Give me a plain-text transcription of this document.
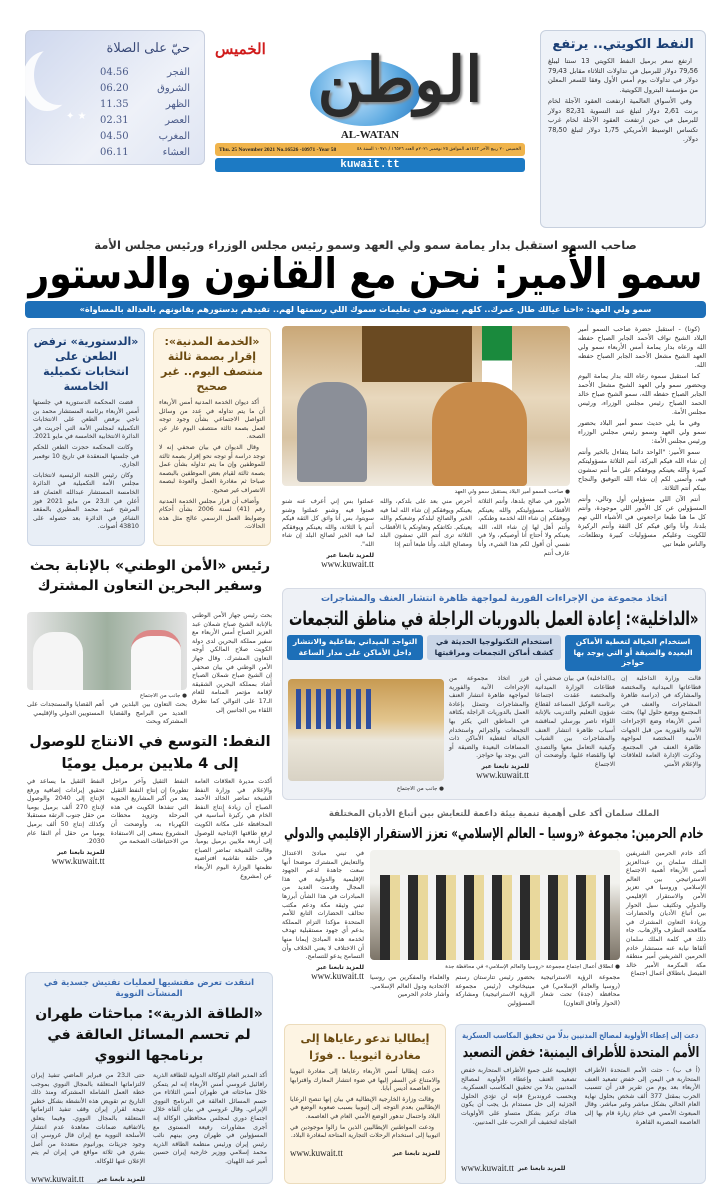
★ ✦
حيّ على الصلاة
الفجر
04.56
الشروق
06.20
الظهر
11.35
العصر
02.31
المغرب
04.50
العشاء
06.11
الوطن
الخميس
AL-WATAN
الخميس ٢٠ ربيع الآخر ١٤٤٣هـ الموافق ٢٥ نوفمبر ٢٠٢١م العدد ١٦٥٢٦ / ١٠٩٧١ السنة ٥٨
Thu. 25 November 2021 No.16526 -10971 -Year 58
kuwait.tt
النفط الكويتي.. يرتفع

ارتفع سعر برميل النفط الكويتي 13 سنتا ليبلغ 79٫56 دولار للبرميل في تداولات الثلاثاء مقابل 79٫43 دولار في تداولات يوم أمس الأول وفقا للسعر المعلن من مؤسسة البترول الكويتية.

وفي الأسواق العالمية ارتفعت العقود الآجلة لخام برنت 2٫61 دولار لتبلغ عند التسوية 82٫31 دولار للبرميل في حين ارتفعت العقود الآجلة لخام غرب تكساس الوسيط الأمريكي 1٫75 دولار لتبلغ 78٫50 دولار.

صاحب السمو استقبل بدار يمامة سمو ولي العهد وسمو رئيس مجلس الوزراء ورئيس مجلس الأمة
سمو الأمير: نحن مع القانون والدستور
سمو ولي العهد: «احنا عيالك طال عمرك.. كلهم يمشون في تعليمات سموك اللي رسمتها لهم.. تقيدهم بدستورهم بقانونهم بالعدالة بالمساواة»

(كونا) - استقبل حضرة صاحب السمو أمير البلاد الشيخ نواف الأحمد الجابر الصباح حفظه الله ورعاه بدار يمامة أمس الأربعاء سمو ولي العهد الشيخ مشعل الأحمد الجابر الصباح حفظه الله.

كما استقبل سموه رعاه الله بدار يمامة اليوم وبحضور سمو ولي العهد الشيخ مشعل الأحمد الجابر الصباح حفظه الله، سمو الشيخ صباح خالد الحمد الصباح رئيس مجلس الوزراء، ورئيس مجلس الأمة.

وفي ما يلي حديث سمو أمير البلاد بحضور سمو ولي العهد وسمو رئيس مجلس الوزراء ورئيس مجلس الأمة:

سمو الأمير: "الواحد دائما يتفاءل بالخير وأنتم إن شاء الله فيكم البركة، أنتم الثلاثة مسؤوليتكم كبيرة والله يعينكم ويوفقكم على ما أنتم تمشون فيه، وأتمنى لكم إن شاء الله التوفيق والنجاح بينكم أنتم الثلاثة.

أنتم الآن اللي مسؤولين أول وتالي، وأنتم المسؤولين عن كل الأمور اللي موجودة، وأنتم كل ما هنا طبعا تراجعوني في الأشياء اللي تهم بلدنا، وأنا واثق فيكم كل الثقة وأنتم الركيزة للكويت وعليكم مسؤوليات كبيرة وتطلعات، والناس طبعا تبي

● صاحب السمو أمير البلاد يستقبل سمو ولي العهد
الأمور في صالح بلدها، وأنتم الثلاثة الأقطاب مسؤوليتكم والله يعينكم ويوفقكم إن شاء الله لخدمة وطنكم، وأنتم أهل لها إن شاء الله، الله يعينكم ولا أحتاج أنا أوصيكم، ولا في نفسي أن أقول لكم هذا الشيء، وأنا عارف أنتم
أحرص مني بعد على بلدكم، والله يعينكم ويوفقكم إن شاء الله لما فيه الخير والصالح لبلدكم وشعبكم والله يعينكم. تكاتفكم وتعاونكم يا الأقطاب الثلاثة ترى أنتم اللي تمشون البلد ومصالح البلد، وأنا طبعا أنتم إذا
عملتوا بس إني أعرف عنه شنو قمتوا فيه وشنو عملتوا وشنو سويتوا، بس أنا واثق كل الثقة فيكم أنتم يا الثلاثة، والله يعينكم ويوفقكم لما فيه الخير لصالح البلد إن شاء الله".
للمزيد تابعنا عبر
www.kuwait.tt
«الخدمة المدنية»: إقرار بصمة ثالثة منتصف اليوم.. غير صحيح

أكد ديوان الخدمة المدنية أمس الأربعاء أن ما يتم تداوله في عدد من وسائل التواصل الاجتماعي بشأن وجود توجه لعمل بصمة ثالثة منتصف اليوم عار عن الصحة.

وقال الديوان في بيان صحفي إنه لا توجد دراسة أو توجه نحو إقرار بصمة ثالثة للموظفين وإن ما يتم تداوله بشأن عمل بصمة ثالثة لقيام بعض الموظفين بالبصمة صباحا ثم مغادرة العمل والعودة لبصمة الانصراف غير صحيح.

وأضاف أن قرار مجلس الخدمة المدنية رقم (41) لسنة 2006 بشأن أحكام وضوابط العمل الرسمي عالج مثل هذه الحالات.

«الدستورية» ترفض الطعن على انتخابات تكميلية الخامسة

قضت المحكمة الدستورية في جلستها أمس الأربعاء برئاسة المستشار محمد بن ناجي برفض الطعن على الانتخابات التكميلية لمجلس الأمة التي أجريت في الدائرة الانتخابية الخامسة في مايو 2021.

وكانت المحكمة حجزت الطعن للحكم في جلستها المنعقدة في تاريخ 10 نوفمبر الجاري.

وكان رئيس اللجنة الرئيسية لانتخابات مجلس الأمة التكميلية في الدائرة الخامسة المستشار عبدالله العثمان قد أعلن في الـ23 من مايو 2021 فوز المرشح عبيد محمد المطيري بالمقعد الشاغر في الدائرة بعد حصوله على 43810 أصوات.

رئيس «الأمن الوطني» بالإنابة بحث وسفير البحرين التعاون المشترك
● جانب من الاجتماع
بحث رئيس جهاز الأمن الوطني بالإنابة الشيخ صباح شملان عبد العزيز الصباح أمس الأربعاء مع سفير مملكة البحرين لدى دولة الكويت صلاح المالكي أوجه التعاون المشترك. وقال جهاز الأمن الوطني في بيان صحفي إن الشيخ صباح شملان الصباح أشاد بمملكة البحرين الشقيقة لإقامة مؤتمر المنامة للعام الـ17 على التوالي كما تطرق اللقاء بين الجانبين إلى
بحث التعاون بين البلدين في العديد من البرامج والقضايا المشتركة وبحث
أهم القضايا والمستجدات على المستويين الدولي والإقليمي
النفط: التوسع في الانتاج للوصول إلى 4 ملايين برميل يوميًا
أكدت مديرة العلاقات العامة والإعلام في وزارة النفط الشيخة تماضر الخالد الأحمد الصباح أن زيادة إنتاج النفط الخام هي ركيزة أساسية في المحافظة على مكانة الكويت لرفع طاقتها الإنتاجية للوصول إلى أربعة ملايين برميل يوميا. وقالت الشيخة تماضر الصباح في حلقة نقاشية افتراضية نظمتها الوزارة اليوم الأربعاء عن (مشروع
النفط الثقيل وآخر مراحل تطوره) إن إنتاج النفط الثقيل يعد من أكبر المشاريع الحيوية التي تنفذها الكويت في هذه المرحلة وتزويد محطات الكهرباء به. وأوضحت أن المشروع يسعى إلى الاستفادة من الاحتياطات الضخمة من
النفط الثقيل ما يساعد في تحقيق إيرادات إضافية ورفع الإنتاج إلى 2040 والوصول لإنتاج 270 ألف برميل يوميا من حقل جنوب الرتقة مستقبلا وكذلك إنتاج 50 ألف برميل يوميا من حقل أم النقا عام 2030.
للمزيد تابعنا عبر
www.kuwait.tt
اتخاذ مجموعة من الإجراءات الفورية لمواجهة ظاهرة انتشار العنف والمشاجرات
«الداخلية»: إعادة العمل بالدوريات الراجلة في مناطق التجمعات
استخدام الخيالة لتغطية الأماكن البعيدة والضيقة أو التي يوجد بها حواجز
استخدام التكنولوجيا الحديثة في كشف أماكن التجمعات ومراقبتها
التواجد الميداني بفاعلية والانتشار داخل الأماكن على مدار الساعة
قالت وزارة الداخلية إن قطاعاتها الميدانية والمختصة والمشاركة في (دراسة ظاهرة المشاجرات والعنف في المجتمع ووضع حلول لها) بحثت أمس الأربعاء وضع الإجراءات الآنية والفورية من قبل الجهات الأمنية المختصة لمواجهة ظاهرة العنف في المجتمع. وذكرت الإدارة العامة للعلاقات والإعلام الأمني
بـ(الداخلية) في بيان صحفي أن قطاعات الوزارة الميدانية والمختصة عقدت اجتماعا برئاسة الوكيل المساعد لقطاع شؤون التعليم والتدريب بالإنابة اللواء ناصر بورسلي لمناقشة أسباب ظاهرة انتشار العنف والمشاجرات بين الشباب وكيفية التعامل معها والتصدي لها والقضاء عليها. وأوضحت أن الاجتماع
قرر اتخاذ مجموعة من الإجراءات الآنية والفورية لمواجهة ظاهرة انتشار العنف والمشاجرات وتتمثل بإعادة العمل بالدوريات الراجلة بكثافة في المناطق التي يكثر بها التجمعات والجرائم واستخدام الخيالة لتغطية الأماكن ذات المسافات البعيدة والضيقة أو التي يوجد بها حواجز.
للمزيد تابعنا عبر
www.kuwait.tt
● جانب من الاجتماع
الملك سلمان أكد على أهمية تنمية بيئة داعمة للتعايش بين أتباع الأديان المختلفة
خادم الحرمين: مجموعة «روسيا – العالم الإسلامي» تعزز الاستقرار الإقليمي والدولي
أكد خادم الحرمين الشريفين الملك سلمان بن عبدالعزيز أمس الأربعاء أهمية الاجتماع الاستراتيجي بين العالم الإسلامي وروسيا في تعزيز الأمن والاستقرار الإقليمي والدولي وتكثيف سبل الحوار بين أتباع الأديان والحضارات وزيادة التعاون المشترك في مكافحة التطرف والإرهاب. جاء ذلك في كلمة الملك سلمان ألقاها نيابة عنه مستشار خادم الحرمين الشريفين أمير منطقة مكة المكرمة الأمير خالد الفيصل بانطلاق أعمال اجتماع
● انطلاق أعمال اجتماع مجموعة «روسيا والعالم الإسلامي» في محافظة جدة
في تبني مبادئ الاعتدال والتعايش المشترك موضحا أنها سعت جاهدة لدعم الجهود الإقليمية والدولية في هذا المجال وقدمت العديد من المبادرات في هذا الشأن أبرزها تبني وثيقة مكة ودعم مكتب تحالف الحضارات التابع للأمم المتحدة مؤكدا التزام المملكة بدعم أي جهود مستقبلية تهدف لخدمة هذه المبادئ إيمانا منها أن الاختلاف لا يعني الخلاف وأن التسامح يدعو للتسامح.
للمزيد تابعنا عبر
www.kuwait.tt	مجموعة الرؤية الاستراتيجية (روسيا والعالم الإسلامي) في محافظة (جدة) تحت شعار (الحوار وآفاق التعاون)
بحضور رئيس تتارستان رستم مينيخانوف (رئيس مجموعة الرؤية الاستراتيجية) ومشاركة المسؤولين
والعلماء والمفكرين من روسيا الاتحادية ودول العالم الإسلامي. وأشار خادم الحرمين
انتقدت تعرض مفتشيها لعمليات تفتيش جسدية في المنشآت النووية
«الطاقة الذرية»: مباحثات طهران لم تحسم المسائل العالقة في برنامجها النووي
أكد المدير العام للوكالة الدولية للطاقة الذرية رافائيل غروسي أمس الأربعاء إنه لم يتمكن خلال مباحثاته في طهران أمس الثلاثاء من حسم المسائل العالقة في البرنامج النووي الإيراني. وقال غروسي في بيان ألقاه خلال اجتماع دوري لمجلس محافظي الوكالة إنه أجرى مشاورات رفيعة المستوى مع المسؤولين في طهران ومن بينهم نائب رئيس إيران ورئيس منظمة الطاقة الذرية محمد إسلامي ووزير خارجية إيران حسين أمير عبد اللهيان.
حتى الـ23 من فبراير الماضي تنفيذ إيران لالتزاماتها المتعلقة بالمجال النووي بموجب خطة العمل الشاملة المشتركة ومنذ ذلك التاريخ تم تقويض هذه الأنشطة بشكل خطير نتيجة لقرار إيران وقف تنفيذ التزاماتها المتعلقة بالمجال النووي. وفيما يتعلق بالاتفاقية ضمانات معاهدة عدم انتشار الأسلحة النووية مع إيران قال غروسي إن وجود جزيئات يورانيوم متعددة من أصل بشري في ثلاثة مواقع في إيران لم يتم الإعلان عنها للوكالة.
للمزيد تابعنا عبر
www.kuwait.tt
إيطاليا تدعو رعاياها إلى مغادرة اثيوبيا .. فورًا

دعت إيطاليا أمس الأربعاء رعاياها إلى مغادرة اثيوبيا والامتناع عن السفر إليها في ضوء انتشار المعارك واقترابها من العاصمة أديس أبابا.

وقالت وزارة الخارجية الإيطالية في بيان إنها تنصح الرعايا الإيطاليين بعدم التوجه إلى إثيوبيا بسبب صعوبة الوضع في البلاد واحتمال تدهور الوضع الأمني العام في العاصمة.

ودعت المواطنين الإيطاليين الذين ما زالوا موجودين في اثيوبيا إلى استخدام الرحلات التجارية المتاحة لمغادرة البلاد.

للمزيد تابعنا عبر
www.kuwait.tt
دعت إلى إعطاء الأولوية لمصالح المدنيين بدلًا من تحقيق المكاسب العسكرية
الأمم المتحدة للأطراف اليمنية: خفض التصعيد
(أ ف ب) - حثت الأمم المتحدة الأطراف المتحاربة في اليمن إلى خفض تصعيد العنف الأربعاء بعد يوم من تقرير قدر أن تتسبب الحرب بمقتل 377 ألف شخص بحلول نهاية العام الحالي بشكل مباشر وغير مباشر. وقال المبعوث الأممي في ختام زيارة قام بها إلى العاصمة المصرية القاهرة
الإقليمية على جميع الأطراف المتحاربة خفض تصعيد العنف وإعطاء الأولوية لمصالح المدنيين بدلا من تحقيق المكاسب العسكرية. وبحسب غروندبرغ فإنه لن تؤدي الحلول الجزئية إلى حل مستدام بل يجب أن يكون هناك تركيز بشكل متساو على الأولويات العاجلة لتخفيف أثر الحرب على المدنيين.
www.kuwait.tt للمزيد تابعنا عبر
